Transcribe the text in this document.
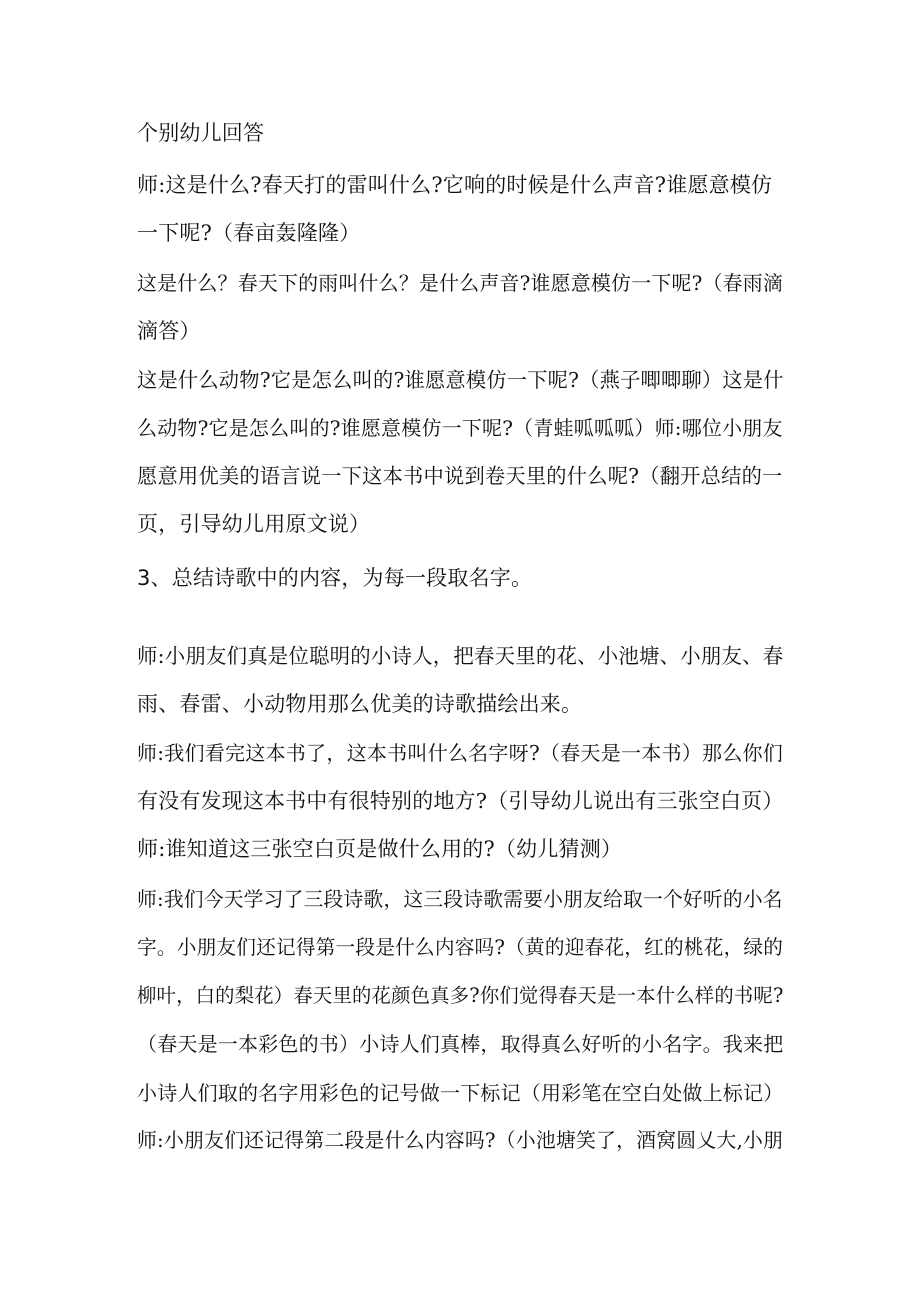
个别幼儿回答
师:这是什么?春天打的雷叫什么?它响的时候是什么声音?谁愿意模仿
一下呢?（春亩轰隆隆）
这是什么？春天下的雨叫什么？是什么声音?谁愿意模仿一下呢?（春雨滴
滴答）
这是什么动物?它是怎么叫的?谁愿意模仿一下呢?（燕子唧唧聊）这是什
么动物?它是怎么叫的?谁愿意模仿一下呢?（青蛙呱呱呱）师:哪位小朋友
愿意用优美的语言说一下这本书中说到卷天里的什么呢?（翻开总结的一
页，引导幼儿用原文说）
3、总结诗歌中的内容，为每一段取名字。
师:小朋友们真是位聪明的小诗人，把春天里的花、小池塘、小朋友、春
雨、春雷、小动物用那么优美的诗歌描绘出来。
师:我们看完这本书了，这本书叫什么名字呀?（春天是一本书）那么你们
有没有发现这本书中有很特别的地方?（引导幼儿说出有三张空白页）
师:谁知道这三张空白页是做什么用的?（幼儿猜测）
师:我们今天学习了三段诗歌，这三段诗歌需要小朋友给取一个好听的小名
字。小朋友们还记得第一段是什么内容吗?（黄的迎春花，红的桃花，绿的
柳叶，白的梨花）春天里的花颜色真多?你们觉得春天是一本什么样的书呢?
（春天是一本彩色的书）小诗人们真棒，取得真么好听的小名字。我来把
小诗人们取的名字用彩色的记号做一下标记（用彩笔在空白处做上标记）
师:小朋友们还记得第二段是什么内容吗?（小池塘笑了，酒窝圆乂大,小朋
